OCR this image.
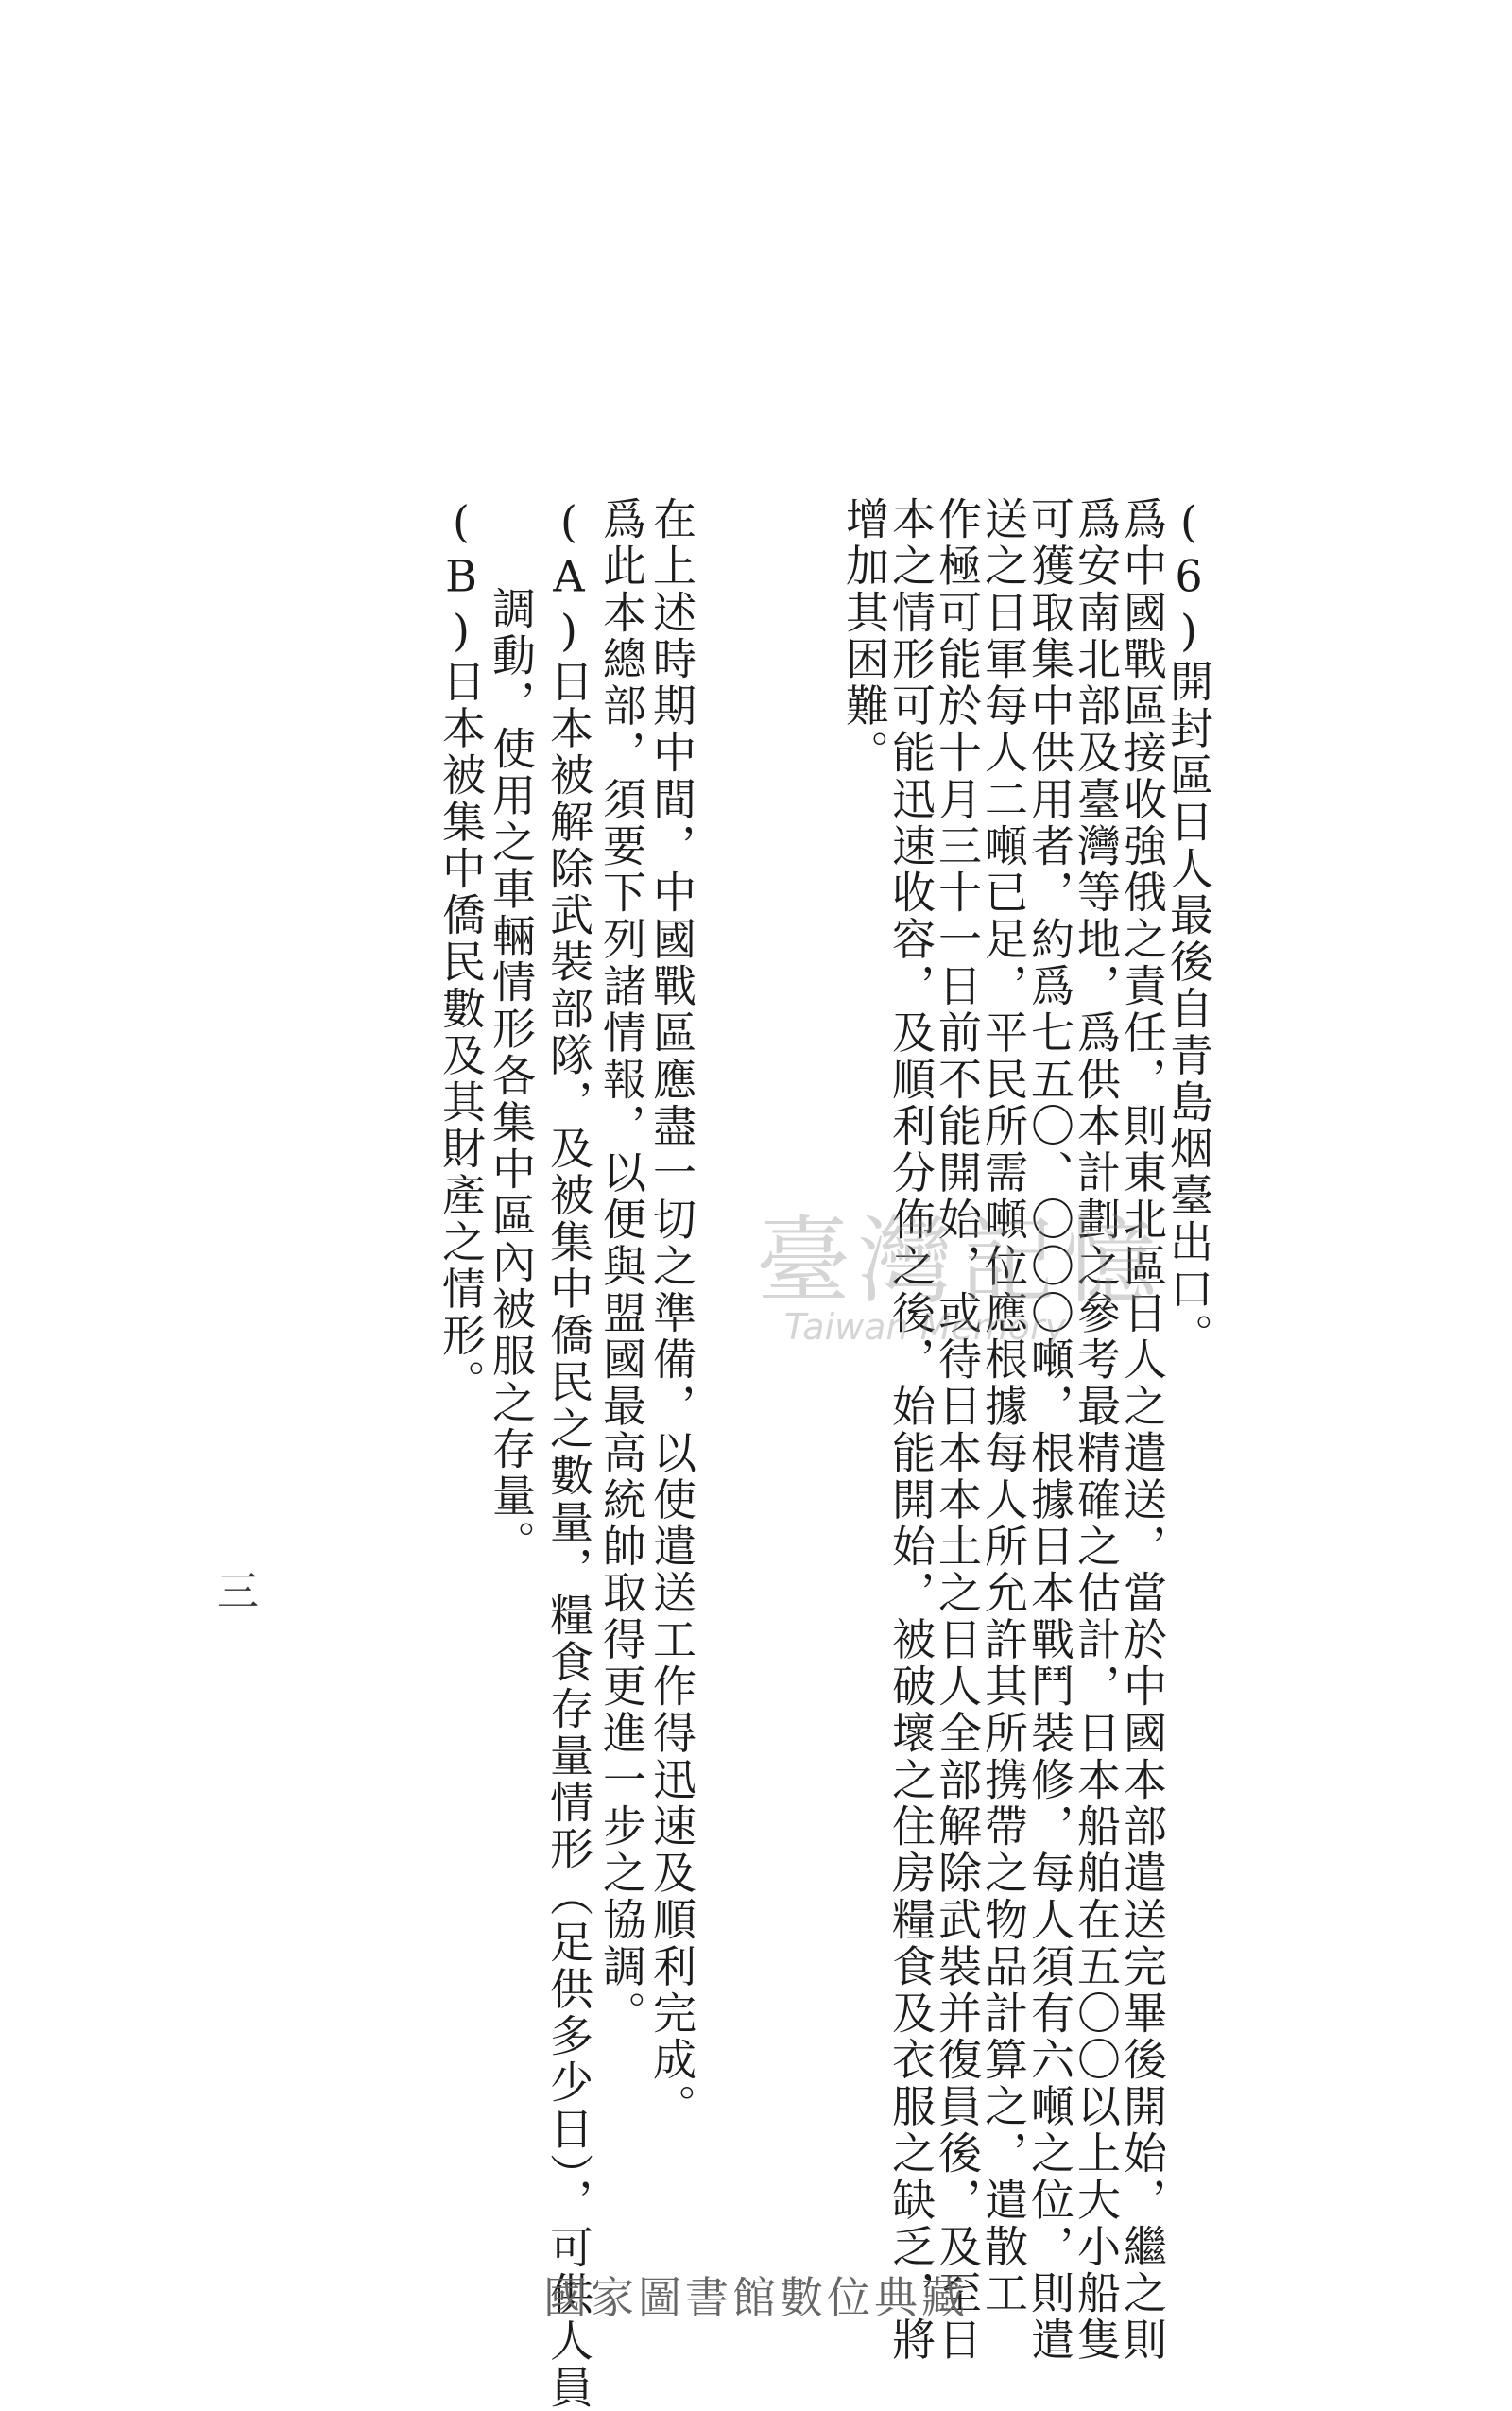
(6)開封區日人最後自青島烟臺出口。
爲中國戰區接收強俄之責任，則東北區日人之遣送，當於中國本部遣送完畢後開始，繼之則
爲安南北部及臺灣等地，爲供本計劃之參考最精確之估計，日本船舶在五〇〇以上大小船隻
可獲取集中供用者，約爲七五〇、〇〇〇噸，根據日本戰鬥裝修，每人須有六噸之位，則遣
送之日軍每人二噸已足，平民所需噸位應根據每人所允許其所携帶之物品計算之，遣散工
作極可能於十月三十一日前不能開始，或待日本本土之日人全部解除武裝并復員後，及至日
本之情形可能迅速收容，及順利分佈之後，始能開始，被破壞之住房糧食及衣服之缺乏，將
增加其困難。
在上述時期中間，中國戰區應盡一切之準備，以使遣送工作得迅速及順利完成。
爲此本總部，須要下列諸情報，以便與盟國最高統帥取得更進一步之協調。
(A)日本被解除武裝部隊，及被集中僑民之數量，糧食存量情形（足供多少日），可供人員
調動，使用之車輛情形各集中區內被服之存量。
(B)日本被集中僑民數及其財產之情形。
三
臺灣記憶
Taiwan Memory
國家圖書館數位典藏
